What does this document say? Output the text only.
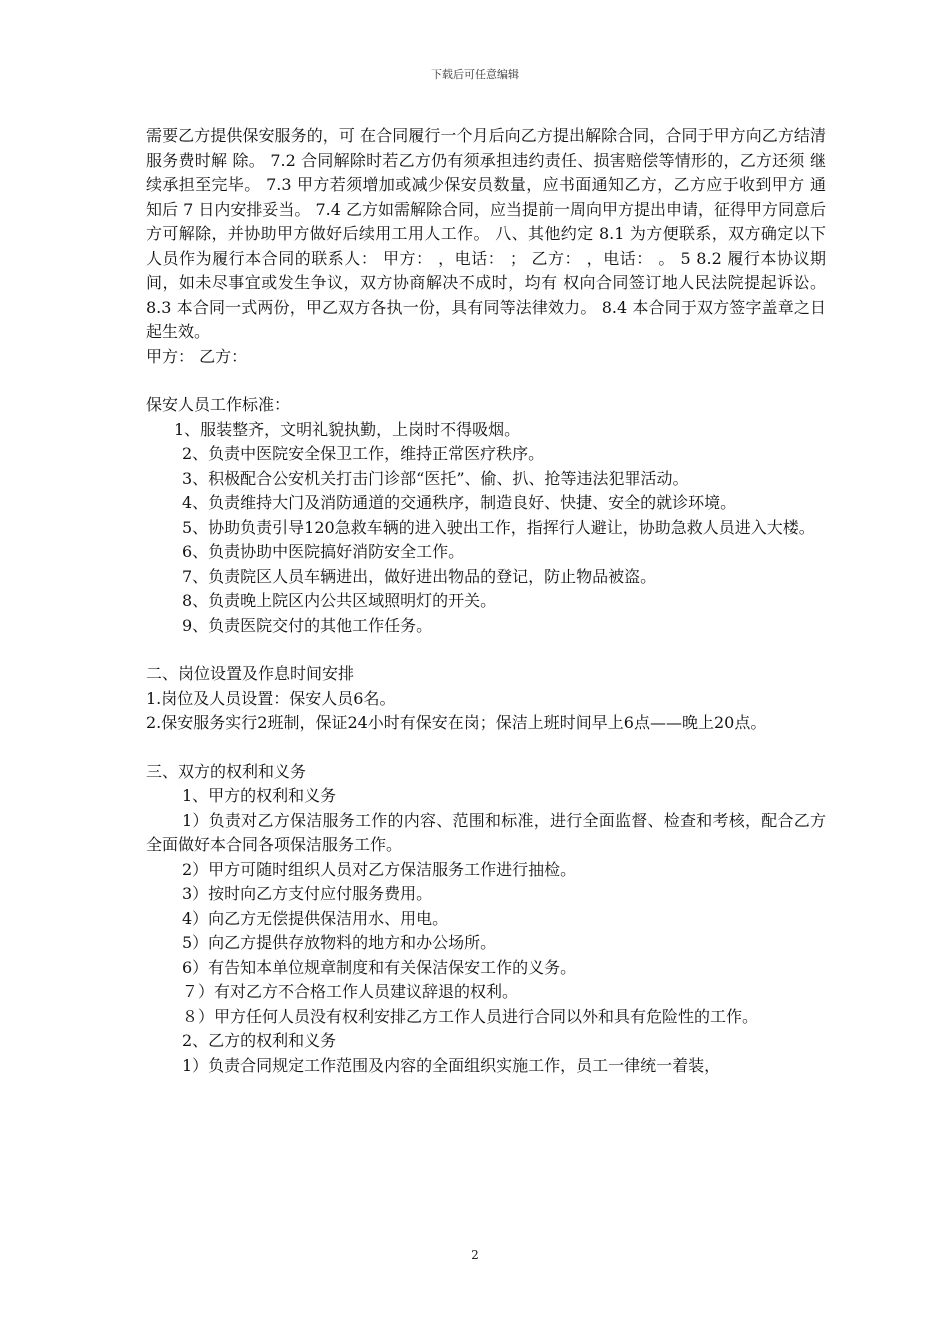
下载后可任意编辑

需要乙方提供保安服务的，可 在合同履行一个月后向乙方提出解除合同，合同于甲方向乙方结清服务费时解 除。 7.2 合同解除时若乙方仍有须承担违约责任、损害赔偿等情形的，乙方还须 继续承担至完毕。 7.3 甲方若须增加或减少保安员数量，应书面通知乙方，乙方应于收到甲方 通知后 7 日内安排妥当。 7.4 乙方如需解除合同，应当提前一周向甲方提出申请，征得甲方同意后方可解除，并协助甲方做好后续用工用人工作。 八、其他约定 8.1 为方便联系，双方确定以下人员作为履行本合同的联系人： 甲方： ，电话： ； 乙方： ，电话： 。 5 8.2 履行本协议期间，如未尽事宜或发生争议，双方协商解决不成时，均有 权向合同签订地人民法院提起诉讼。 8.3 本合同一式两份，甲乙双方各执一份，具有同等法律效力。 8.4 本合同于双方签字盖章之日起生效。

甲方： 乙方：

保安人员工作标准：

1、服装整齐，文明礼貌执勤，上岗时不得吸烟。

2、负责中医院安全保卫工作，维持正常医疗秩序。

3、积极配合公安机关打击门诊部“医托”、偷、扒、抢等违法犯罪活动。

4、负责维持大门及消防通道的交通秩序，制造良好、快捷、安全的就诊环境。

5、协助负责引导120急救车辆的进入驶出工作，指挥行人避让，协助急救人员进入大楼。

6、负责协助中医院搞好消防安全工作。

7、负责院区人员车辆进出，做好进出物品的登记，防止物品被盗。

8、负责晚上院区内公共区域照明灯的开关。

9、负责医院交付的其他工作任务。

二、岗位设置及作息时间安排

1.岗位及人员设置：保安人员6名。

2.保安服务实行2班制，保证24小时有保安在岗；保洁上班时间早上6点——晚上20点。

三、双方的权利和义务

1、甲方的权利和义务

1）负责对乙方保洁服务工作的内容、范围和标准，进行全面监督、检查和考核，配合乙方全面做好本合同各项保洁服务工作。

2）甲方可随时组织人员对乙方保洁服务工作进行抽检。

3）按时向乙方支付应付服务费用。

4）向乙方无偿提供保洁用水、用电。

5）向乙方提供存放物料的地方和办公场所。

6）有告知本单位规章制度和有关保洁保安工作的义务。

７）有对乙方不合格工作人员建议辞退的权利。

８）甲方任何人员没有权利安排乙方工作人员进行合同以外和具有危险性的工作。

2、乙方的权利和义务

1）负责合同规定工作范围及内容的全面组织实施工作，员工一律统一着装，

2
